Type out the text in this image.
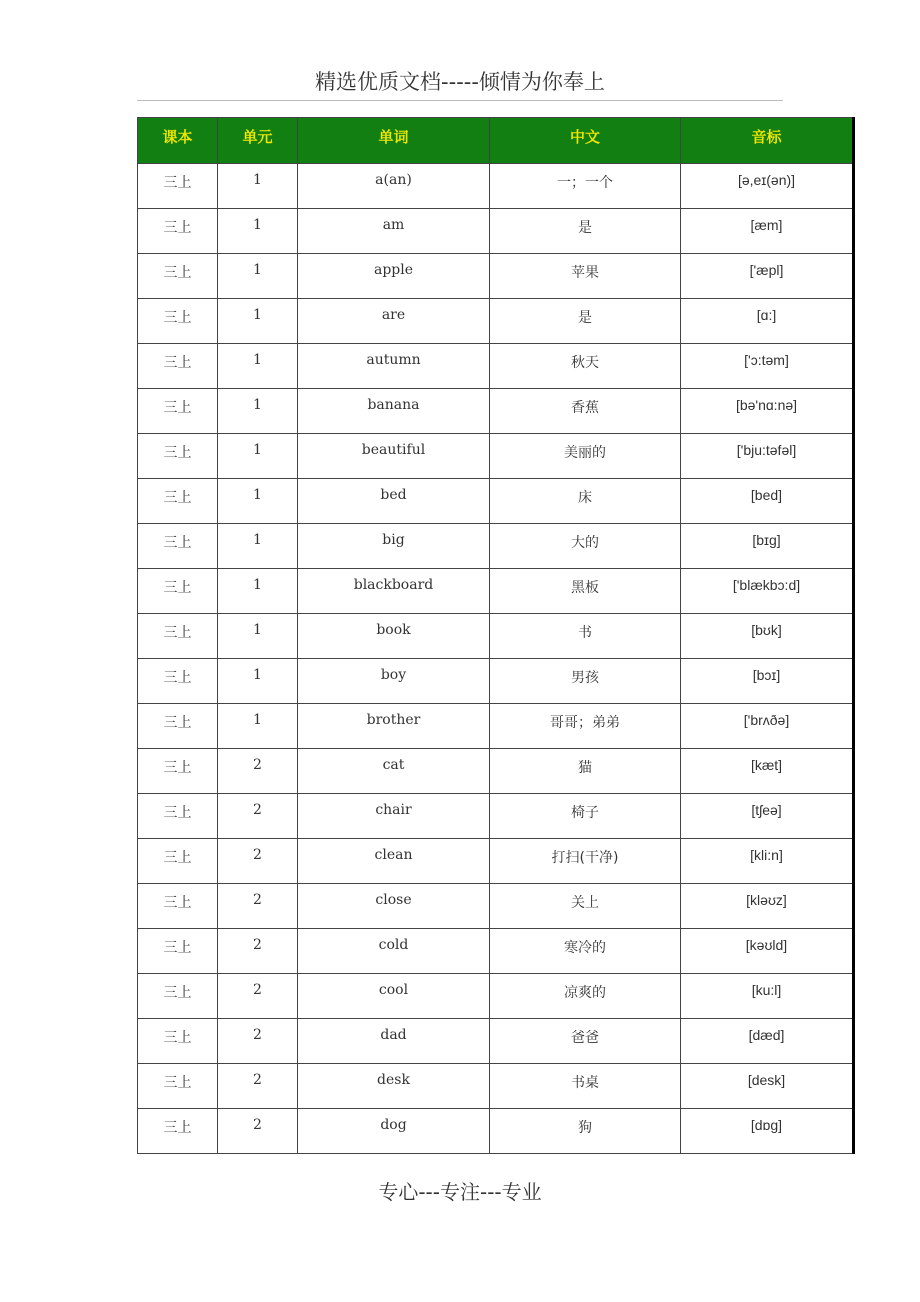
精选优质文档-----倾情为你奉上
课本	单元	单词	中文	音标
三上	1	a(an)	一；一个	[ə,eɪ(ən)]
三上	1	am	是	[æm]
三上	1	apple	苹果	['æpl]
三上	1	are	是	[ɑ:]
三上	1	autumn	秋天	['ɔ:təm]
三上	1	banana	香蕉	[bə'nɑ:nə]
三上	1	beautiful	美丽的	['bju:təfəl]
三上	1	bed	床	[bed]
三上	1	big	大的	[bɪg]
三上	1	blackboard	黑板	['blækbɔ:d]
三上	1	book	书	[bʊk]
三上	1	boy	男孩	[bɔɪ]
三上	1	brother	哥哥；弟弟	['brʌðə]
三上	2	cat	猫	[kæt]
三上	2	chair	椅子	[tʃeə]
三上	2	clean	打扫(干净)	[kli:n]
三上	2	close	关上	[kləʊz]
三上	2	cold	寒冷的	[kəʊld]
三上	2	cool	凉爽的	[ku:l]
三上	2	dad	爸爸	[dæd]
三上	2	desk	书桌	[desk]
三上	2	dog	狗	[dɒg]
专心---专注---专业
